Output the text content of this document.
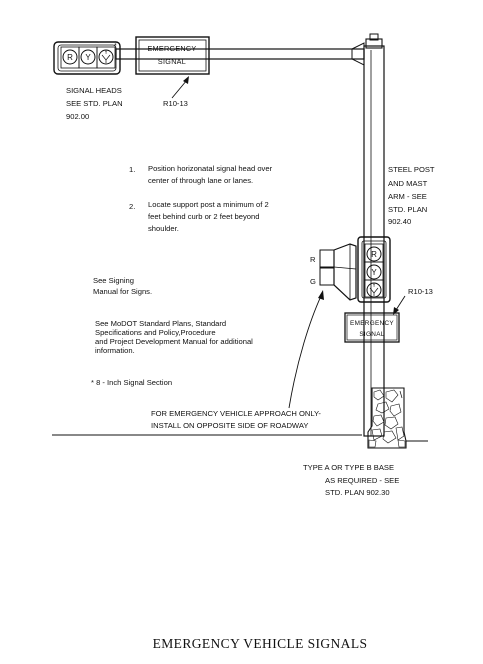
R Y	Y
*	EMERGENCY
SIGNAL
R10-13
SIGNAL HEADS
SEE STD. PLAN
902.00
1. Position horizonatal signal head over
center of through lane or lanes.
2. Locate support post a minimum of 2
feet behind curb or 2 feet beyond
shoulder.
STEEL POST
AND MAST
ARM - SEE
STD. PLAN
902.40
R
Y
Y
R
G
EMERGENCY
SIGNAL
R10-13
See Signing
Manual for Signs.
See MoDOT Standard Plans, Standard
Specifications and Policy,Procedure
and Project Development Manual for additional
information.
* 8 - Inch Signal Section
FOR EMERGENCY VEHICLE APPROACH ONLY-
INSTALL ON OPPOSITE SIDE OF ROADWAY
TYPE A OR TYPE B BASE
AS REQUIRED - SEE
STD. PLAN 902.30
EMERGENCY VEHICLE SIGNALS
